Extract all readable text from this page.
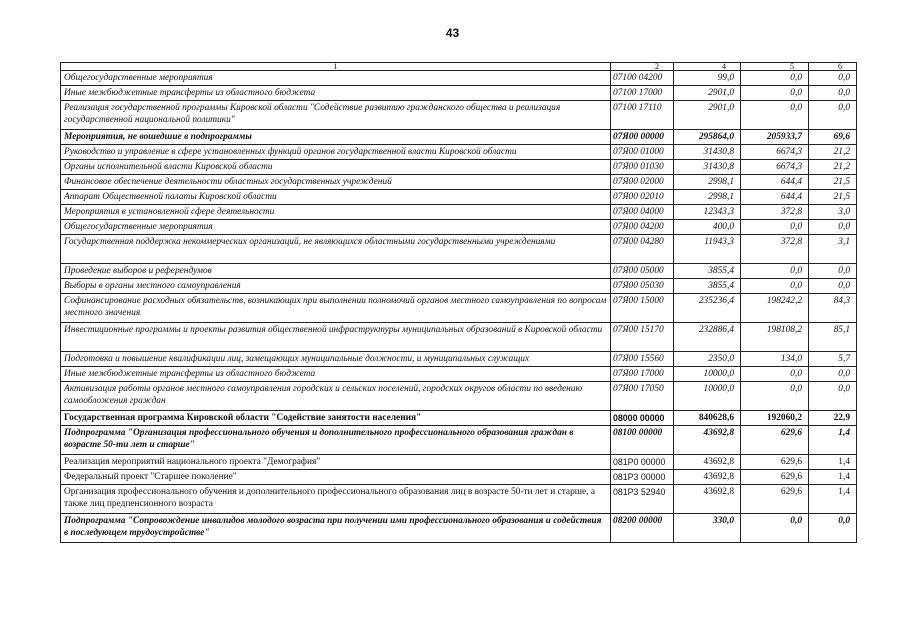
43
1	2	4	5	6
Общегосударственные мероприятия	07100 04200	99,0	0,0	0,0
Иные межбюджетные трансферты из областного бюджета	07100 17000	2901,0	0,0	0,0
Реализация государственной программы Кировской области "Содействие развитию гражданского общества и реализация государственной национальной политики"	07100 17110	2901,0	0,0	0,0
Мероприятия, не вошедшие в подпрограммы	07Я00 00000	295864,0	205933,7	69,6
Руководство и управление в сфере установленных функций органов государственной власти Кировской области	07Я00 01000	31430,8	6674,3	21,2
Органы исполнительной власти Кировской области	07Я00 01030	31430,8	6674,3	21,2
Финансовое обеспечение деятельности областных государственных учреждений	07Я00 02000	2998,1	644,4	21,5
Аппарат Общественной палаты Кировской области	07Я00 02010	2998,1	644,4	21,5
Мероприятия в установленной сфере деятельности	07Я00 04000	12343,3	372,8	3,0
Общегосударственные мероприятия	07Я00 04200	400,0	0,0	0,0
Государственная поддержка некоммерческих организаций, не являющихся областными государственными учреждениями	07Я00 04280	11943,3	372,8	3,1
Проведение выборов и референдумов	07Я00 05000	3855,4	0,0	0,0
Выборы в органы местного самоуправления	07Я00 05030	3855,4	0,0	0,0
Софинансирование расходных обязательств, возникающих при выполнении полномочий органов местного самоуправления по вопросам местного значения	07Я00 15000	235236,4	198242,2	84,3
Инвестиционные программы и проекты развития общественной инфраструктуры муниципальных образований в Кировской области	07Я00 15170	232886,4	198108,2	85,1
Подготовка и повышение квалификации лиц, замещающих муниципальные должности, и муниципальных служащих	07Я00 15560	2350,0	134,0	5,7
Иные межбюджетные трансферты из областного бюджета	07Я00 17000	10000,0	0,0	0,0
Активизация работы органов местного самоуправления городских и сельских поселений, городских округов области по введению самообложения граждан	07Я00 17050	10000,0	0,0	0,0
Государственная программа Кировской области "Содействие занятости населения"	08000 00000	840628,6	192060,2	22,9
Подпрограмма "Организация профессионального обучения и дополнительного профессионального образования граждан в возрасте 50-ти лет и старше"	08100 00000	43692,8	629,6	1,4
Реализация мероприятий национального проекта "Демография"	081P0 00000	43692,8	629,6	1,4
Федеральный проект "Старшее поколение"	081P3 00000	43692,8	629,6	1,4
Организация профессионального обучения и дополнительного профессионального образования лиц в возрасте 50-ти лет и старше, а также лиц предпенсионного возраста	081P3 52940	43692,8	629,6	1,4
Подпрограмма "Сопровождение инвалидов молодого возраста при получении ими профессионального образования и содействия в последующем трудоустройстве"	08200 00000	330,0	0,0	0,0
